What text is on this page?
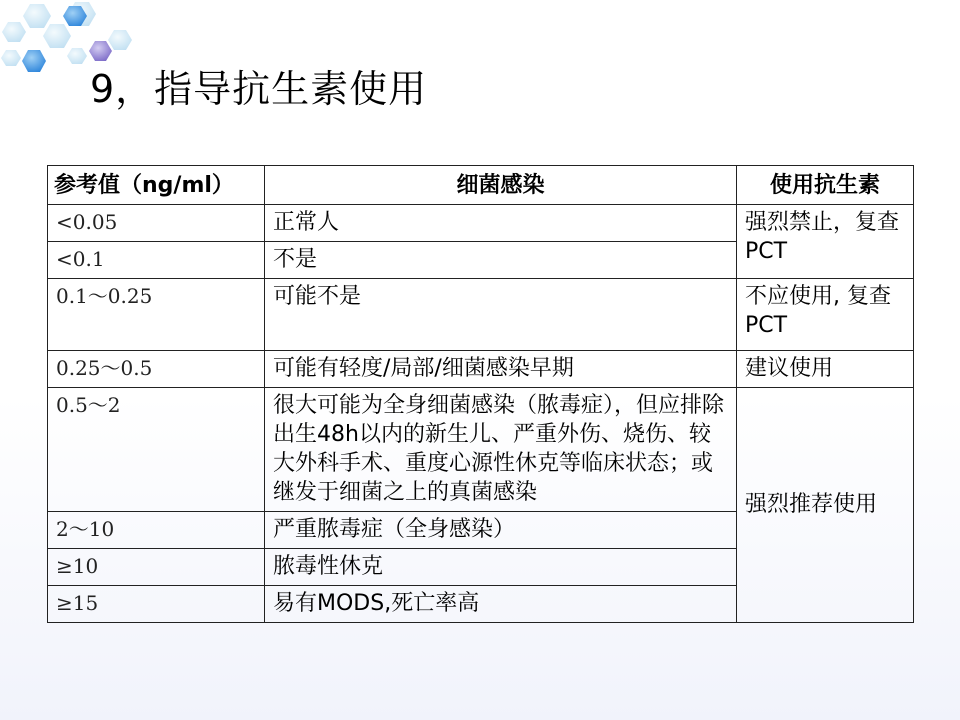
9，指导抗生素使用
参考值（ng/ml）	细菌感染	使用抗生素
<0.05	正常人	强烈禁止，复查PCT
<0.1	不是	
0.1～0.25	可能不是	不应使用, 复查PCT
0.25～0.5	可能有轻度/局部/细菌感染早期	建议使用
0.5～2	很大可能为全身细菌感染（脓毒症），但应排除出生48h以内的新生儿、严重外伤、烧伤、较大外科手术、重度心源性休克等临床状态；或继发于细菌之上的真菌感染	强烈推荐使用
2～10	严重脓毒症（全身感染）	
≥10	脓毒性休克	
≥15	易有MODS,死亡率高	
